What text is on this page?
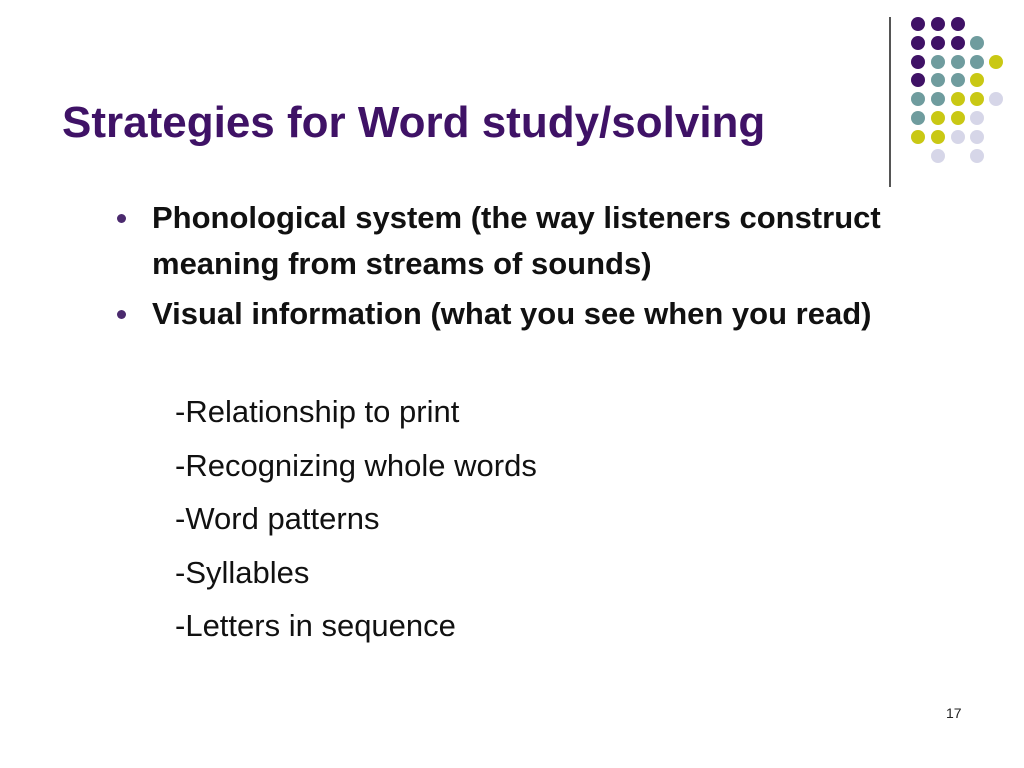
Strategies for Word study/solving
Phonological system (the way listeners construct meaning from streams of sounds)
Visual information (what you see when you read)
-Relationship to print
-Recognizing whole words
-Word patterns
-Syllables
-Letters in sequence
17
